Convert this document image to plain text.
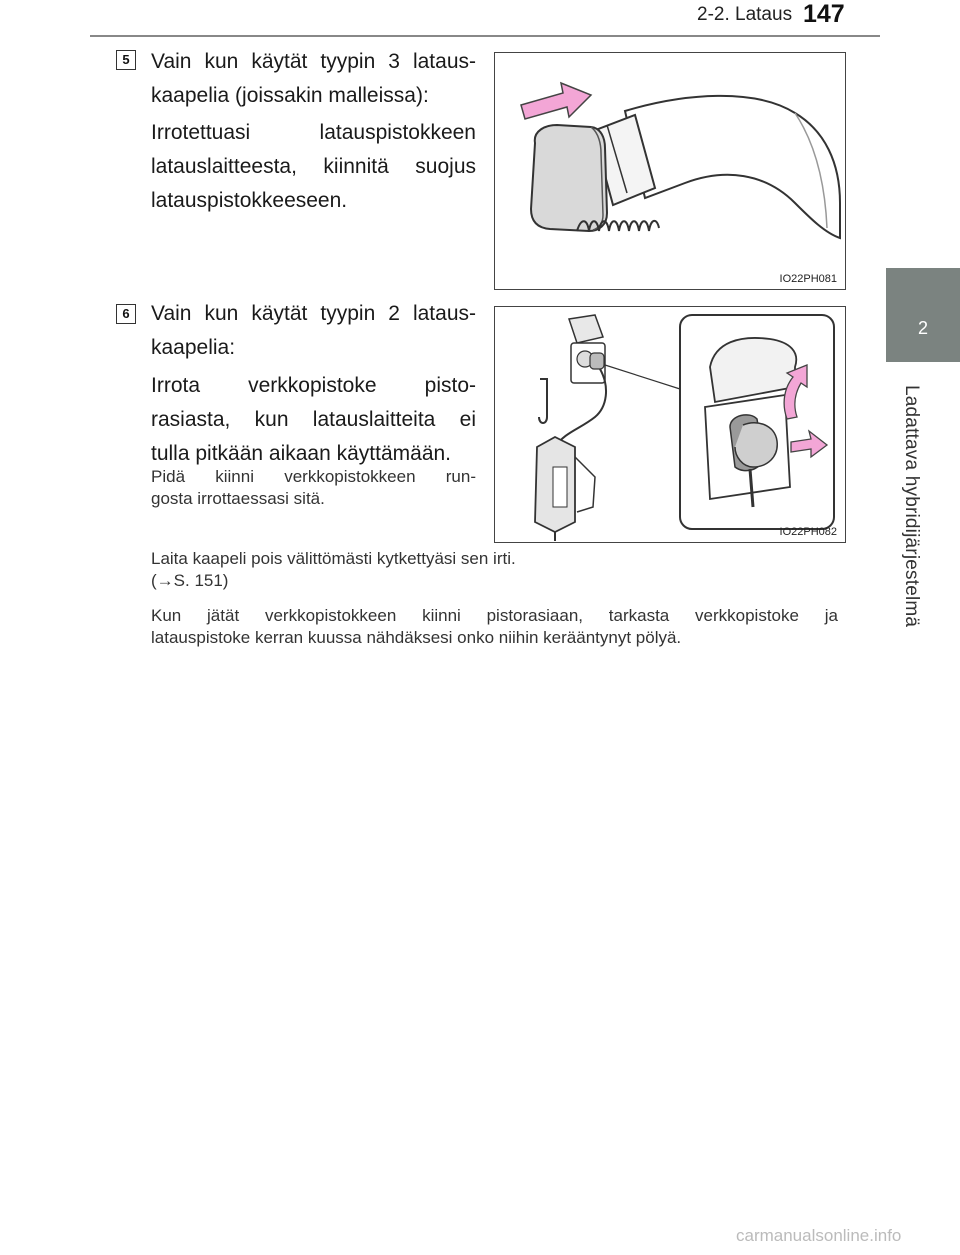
2-2. Lataus 147
2
Ladattava hybridijärjestelmä
5	Vain kun käytät tyypin 3 lataus-
kaapelia (joissakin malleissa):
Irrotettuasi latauspistokkeen
latauslaitteesta, kiinnitä suojus
latauspistokkeeseen.
IO22PH081
6	Vain kun käytät tyypin 2 lataus-
kaapelia:
Irrota verkkopistoke pisto-
rasiasta, kun latauslaitteita ei
tulla pitkään aikaan käyttämään.
Pidä kiinni verkkopistokkeen run-
gosta irrottaessasi sitä.
IO22PH082
Laita kaapeli pois välittömästi kytkettyäsi sen irti.
(→S. 151)
Kun jätät verkkopistokkeen kiinni pistorasiaan, tarkasta verkkopistoke ja
latauspistoke kerran kuussa nähdäksesi onko niihin kerääntynyt pölyä.
carmanualsonline.info
